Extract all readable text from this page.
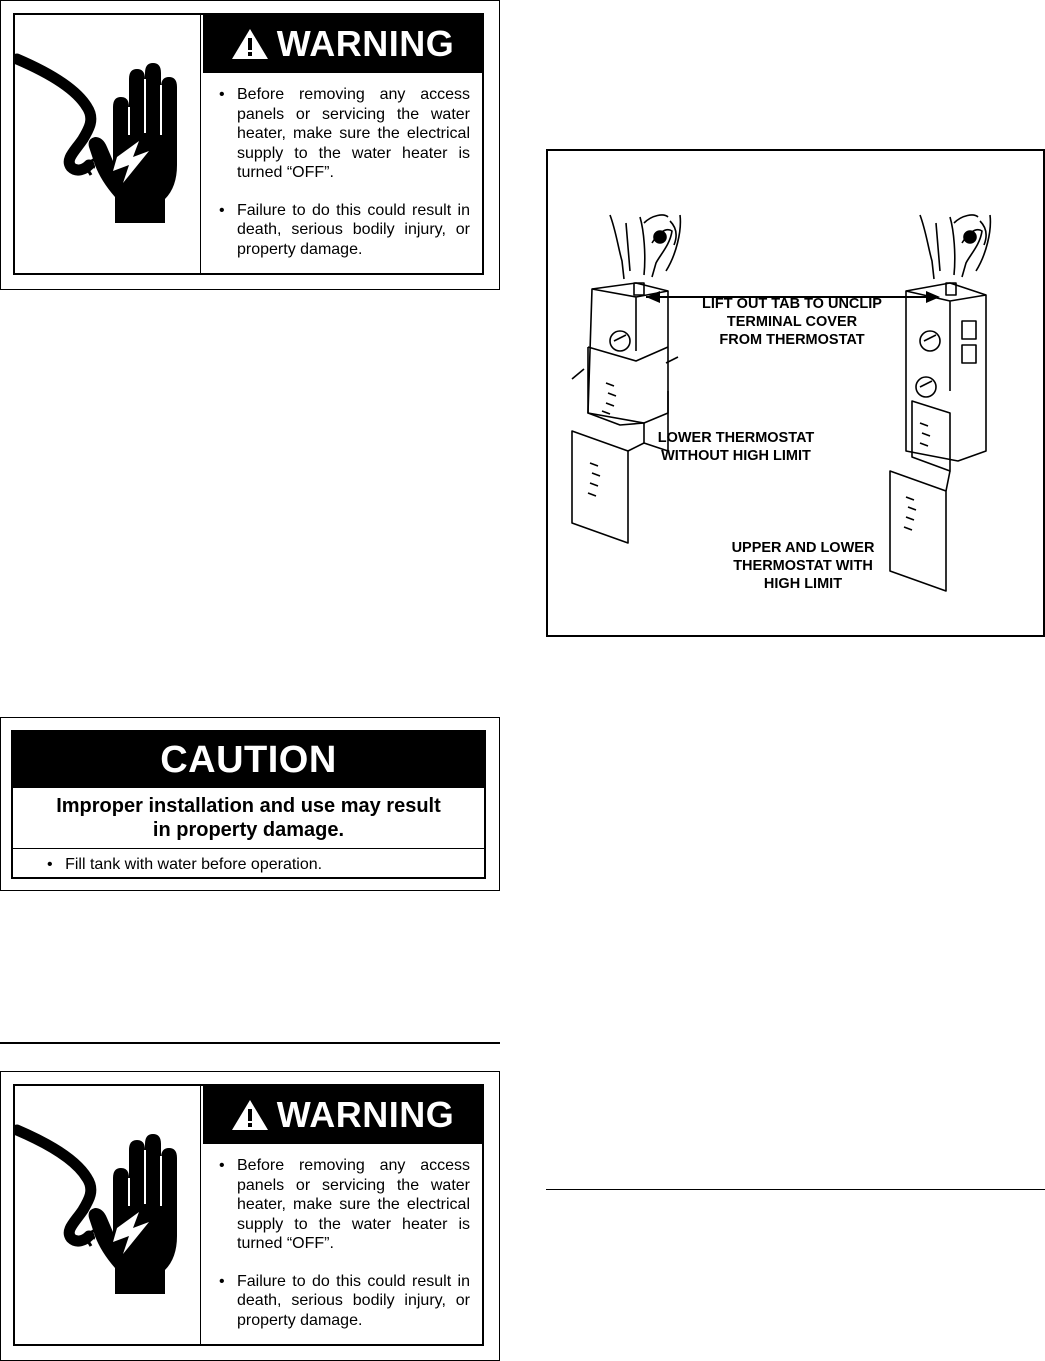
WARNING
• Before removing any access panels or servicing the water heater, make sure the electrical supply to the water heater is turned “OFF”.
• Failure to do this could result in death, serious bodily injury, or property damage.
CAUTION
Improper installation and use may result
in property damage.
• Fill tank with water before operation.
WARNING
• Before removing any access panels or servicing the water heater, make sure the electrical supply to the water heater is turned “OFF”.
• Failure to do this could result in death, serious bodily injury, or property damage.
LIFT OUT TAB TO UNCLIP
TERMINAL COVER
FROM THERMOSTAT
LOWER THERMOSTAT
WITHOUT HIGH LIMIT
UPPER AND LOWER
THERMOSTAT WITH
HIGH LIMIT
